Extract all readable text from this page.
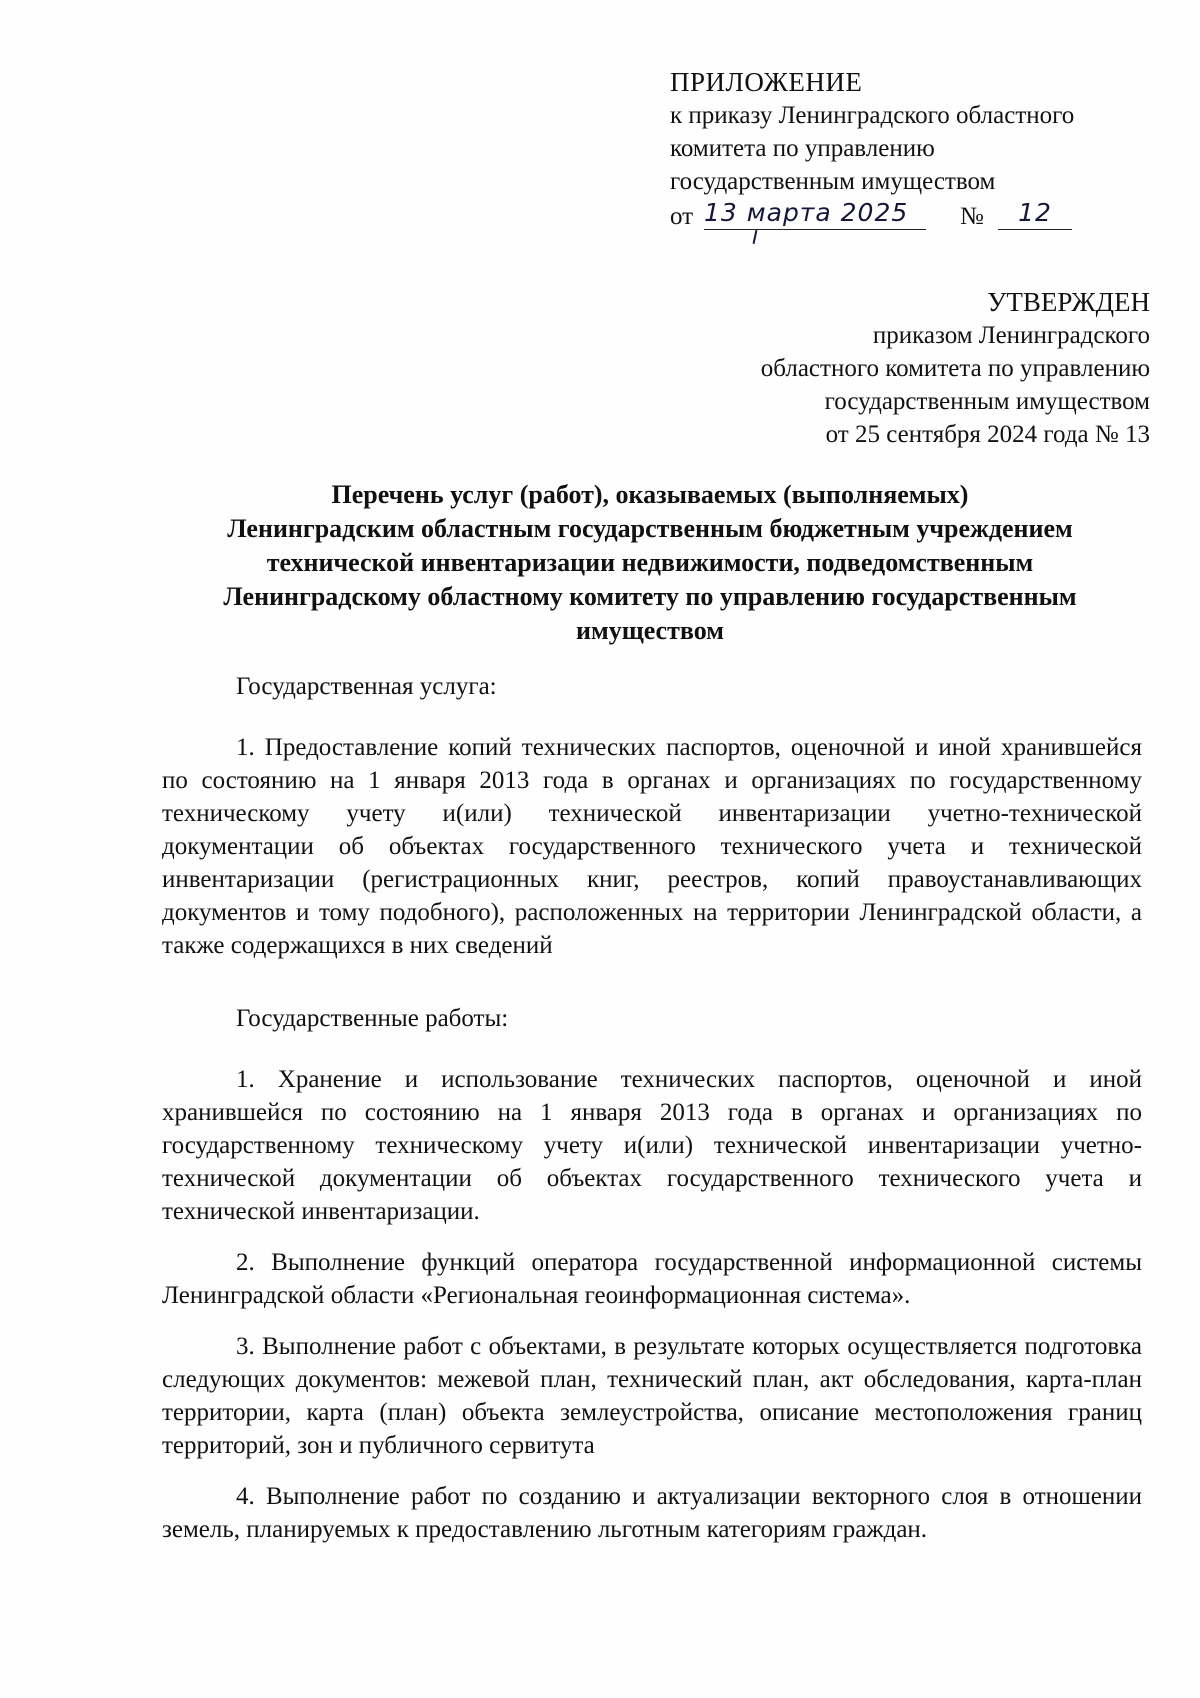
ПРИЛОЖЕНИЕ
к приказу Ленинградского областного
комитета по управлению
государственным имуществом
от 13 марта 2025	№	12
УТВЕРЖДЕН
приказом Ленинградского
областного комитета по управлению
государственным имуществом
от 25 сентября 2024 года № 13

Перечень услуг (работ), оказываемых (выполняемых)

Ленинградским областным государственным бюджетным учреждением

технической инвентаризации недвижимости, подведомственным

Ленинградскому областному комитету по управлению государственным

имуществом

Государственная услуга:

1. Предоставление копий технических паспортов, оценочной и иной хранившейся по состоянию на 1 января 2013 года в органах и организациях по государственному техническому учету и(или) технической инвентаризации учетно-технической документации об объектах государственного технического учета и технической инвентаризации (регистрационных книг, реестров, копий правоустанавливающих документов и тому подобного), расположенных на территории Ленинградской области, а также содержащихся в них сведений

Государственные работы:

1. Хранение и использование технических паспортов, оценочной и иной хранившейся по состоянию на 1 января 2013 года в органах и организациях по государственному техническому учету и(или) технической инвентаризации учетно-технической документации об объектах государственного технического учета и технической инвентаризации.

2. Выполнение функций оператора государственной информационной системы Ленинградской области «Региональная геоинформационная система».

3. Выполнение работ с объектами, в результате которых осуществляется подготовка следующих документов: межевой план, технический план, акт обследования, карта-план территории, карта (план) объекта землеустройства, описание местоположения границ территорий, зон и публичного сервитута

4. Выполнение работ по созданию и актуализации векторного слоя в отношении земель, планируемых к предоставлению льготным категориям граждан.
